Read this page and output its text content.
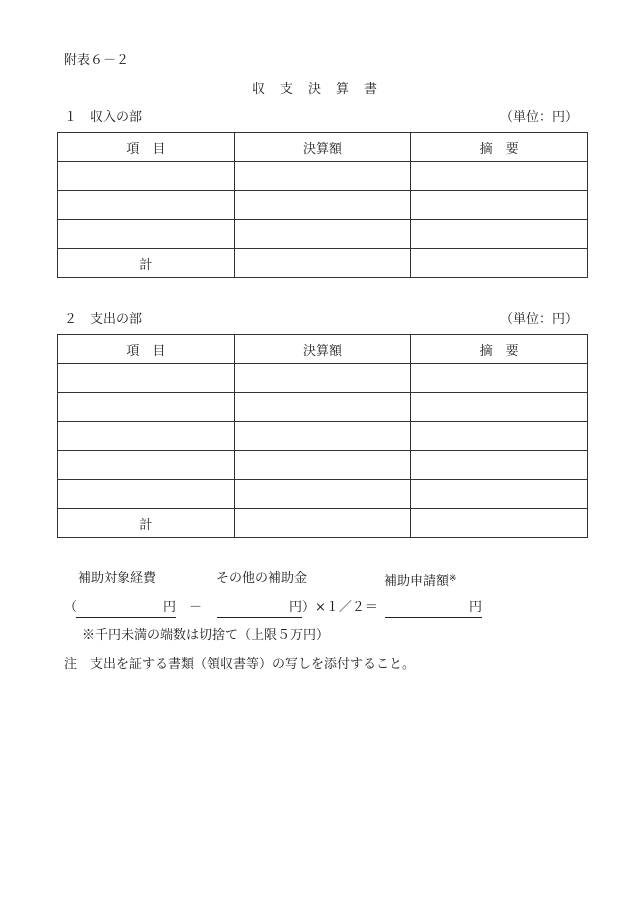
附表６－２
収　支　決　算　書
１　収入の部	（単位：円）
項　目	決算額	摘　要

計		
２　支出の部	（単位：円）
項　目	決算額	摘　要

計		
補助対象経費	その他の補助金	補助申請額※
（	円 －	円 ）×１／２＝	円
※千円未満の端数は切捨て（上限５万円）
注　支出を証する書類（領収書等）の写しを添付すること。
